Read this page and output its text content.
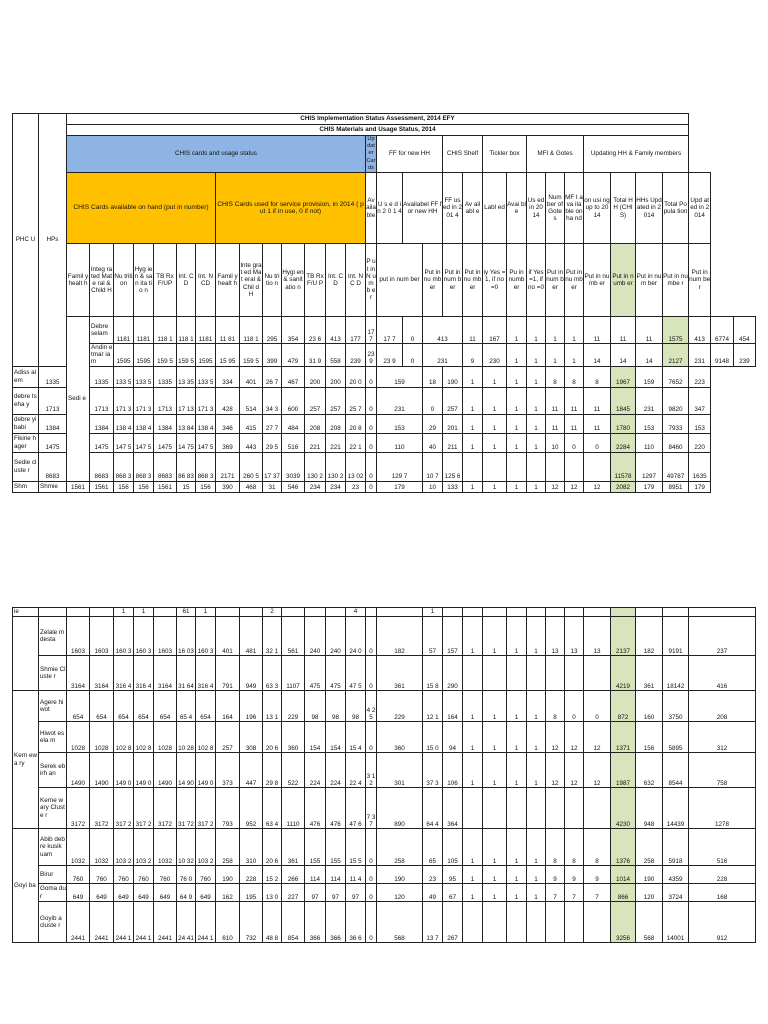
PHC U	HPs	CHIS Implementation Status Assessment, 2014 EFY																															
		CHIS Materials and Usage Status, 2014																															
		CHIS cards and usage status														Updater Cards	FF for new HH			CHIS Shelf		Tickler box		MFI & Gotes			Updating HH & Family members						
		CHIS Cards available on hand (put in number)							CHIS Cards used for service provision, in 2014 ( put 1 if in use, 0 if not)							Available	U s e d in 2 0 1 4	Availabel FF for new HH		FF used in 201 4	Av ail abl e	Labl ed	Avai ble	Us ed in 20 14	Num ber of Gote s	MF I ava ila ble on ha nd	on usi ng up to 20 14	Total HH (CHIS)	HHs Upd ated in 2014	Total Popula tion	Upd ated in 2014		
		Famil y healt h	Integ rated Mate ral & Child H	Nu triti on	Hyg ien & san ita tio n	TB Rx F/UP	Int. CD	Int. NCD	Famil y healt h	Inte grat ed Mat eral & Chil d H	Nu tri tio n	Hygi en & sanit atio n	TB Rx F/U P	Int. CD	Int. NC D	P ut in N u m b er	put in num ber		Put in nu mb er	Put in num ber	Put in nu mb er	iy Yes =1, if no =0	Pu in numb er	if Yes =1, if no =0	Put in num ber	Put in nu mb er	Put in nu mb er	Put in numb er	Put in num ber	Put in numbe r	Put in num ber		
		Sedi e	Debre selam	1181	1181	118 1	118 1	1181	11 81	118 1	295	354	23 6	413	177	177	17 7	0	413		11	167	1	1	1	1	11	11	11	1575	413	6774	454
			Andin etmar iam	1595	1595	159 5	159 5	1595	15 95	159 5	399	479	31 9	558	239	239	23 9	0	231		9	230	1	1	1	1	14	14	14	2127	231	9148	239
Adiss alem	1335		1335	133 5	133 5	1335	13 35	133 5	334	401	26 7	467	200	200	20 0	0	159		18	190	1	1	1	1	8	8	8	1967	159	7652	223		
debre tseha y	1713		1713	171 3	171 3	1713	17 13	171 3	428	514	34 3	600	257	257	25 7	0	231		0	257	1	1	1	1	11	11	11	1845	231	9820	347		
debre yibabi	1384		1384	138 4	138 4	1384	13 84	138 4	346	415	27 7	484	208	208	20 8	0	153		29	201	1	1	1	1	11	11	11	1780	153	7933	153		
Fikirie hager	1475		1475	147 5	147 5	1475	14 75	147 5	369	443	29 5	516	221	221	22 1	0	110		40	211	1	1	1	1	10	0	0	2284	110	8460	220		
Sedie cluste r	8683		8683	868 3	868 3	8683	86 83	868 3	2171	260 5	17 37	3039	130 2	130 2	13 02	0	129 7		10 7	125 6								11578	1297	49787	1635		
Shm	Shmie	1561	1561	156	156	1561	15	156	390	468	31	546	234	234	23	0	179		10	133	1	1	1	1	12	12	12	2082	179	8951	179		
ie				1	1		61	1			2				4			1												
	Zelale m desta	1603	1603	160 3	160 3	1603	16 03	160 3	401	481	32 1	561	240	240	24 0	0	182	57	157	1	1	1	1	13	13	13	2137	182	9191	237
	Shmie Cluste r	3164	3164	316 4	316 4	3164	31 64	316 4	791	949	63 3	1107	475	475	47 5	0	361	15 8	290								4219	361	18142	416
Kern ewa ry	Agere hiwot	654	654	654	654	654	65 4	654	164	196	13 1	229	98	98	98	4 2 5	229	12 1	164	1	1	1	1	8	0	0	872	160	3750	208
	Hiwot esela m	1028	1028	102 8	102 8	1028	10 28	102 8	257	308	20 6	360	154	154	15 4	0	360	15 0	94	1	1	1	1	12	12	12	1371	156	5895	312
	Serek ebirh an	1490	1490	149 0	149 0	1490	14 90	149 0	373	447	29 8	522	224	224	22 4	3 1 2	301	37 3	106	1	1	1	1	12	12	12	1987	632	8544	758
	Kerne wary Cluste r	3172	3172	317 2	317 2	3172	31 72	317 2	793	952	63 4	1110	476	476	47 6	7 3 7	890	64 4	364								4230	948	14439	1278
Goyi ba	Abib debre kusik uam	1032	1032	103 2	103 2	1032	10 32	103 2	258	310	20 6	361	155	155	15 5	0	258	65	105	1	1	1	1	8	8	8	1376	258	5918	516
	Birur	760	760	760	760	760	76 0	760	190	228	15 2	266	114	114	11 4	0	190	23	95	1	1	1	1	9	9	9	1014	190	4359	228
	Goma dur	649	649	649	649	649	64 9	649	162	195	13 0	227	97	97	97	0	120	49	67	1	1	1	1	7	7	7	866	120	3724	168
	Goyib a cluste r	2441	2441	244 1	244 1	2441	24 41	244 1	610	732	48 8	854	366	366	36 6	0	568	13 7	267								3256	568	14001	912
